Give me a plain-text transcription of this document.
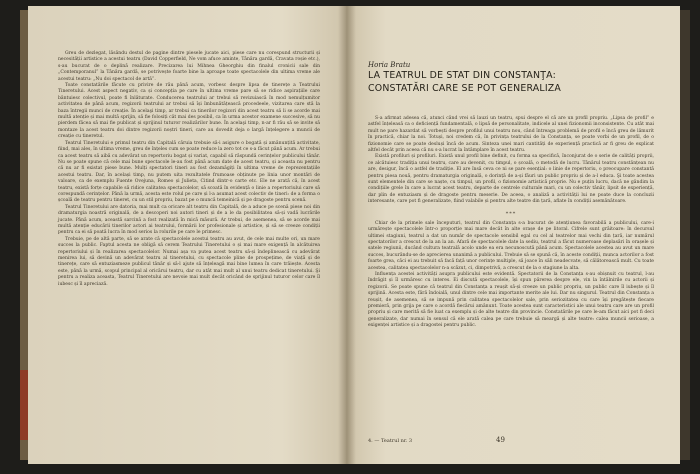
Greu de dezlegat, lăsându destul de pagine dintre piesele jucate aici, piese care nu corespund structurii și necesității artistice a acestui teatru (David Copperfield, Ne vom afuce aminte, Tânăra gardă, Cravata roșie etc.), s-au bucurat de o deplină realizare. Precizarea lui Mihnea Gheorghiu din finalul cronicii sale din „Contemporanul” la Tânăra gardă, se potrivește foarte bine la aproape toate spectacolele din ultima vreme ale acestui teatru: „Nu doi spectacol de artă”.

Toate constatările făcute cu privire de rău până acum, vorbesc despre lipsa de tinerețe a Teatrului Tineretului. Acest aspect negativ, ca și concepția pe care în ultima vreme pare să se ridice aspirațiile care bântuiesc colectivul, poate fi înlăturate. Conducerea teatrului ar trebui să revizuiască în mod nemulțumitor activitatea de până acum, regizorii teatrului ar trebui să își îmbunătățească procedeele, vizitarea care stă la baza întregii munci de creație. În acelaşi timp, ar trebui ca tinerilor regizori din acest teatru să li se acorde mai multă atenție și mai multă sprijin, să fie folosiți cât mai des posibil, ca în urma acestor examene succesive, să nu pierdem făcea să mai fie publicat și sprijinul tuturor realizărilor bune. În acelaşi timp, n-ar fi rău să se invite să montaze la acest teatru doi dintre regizorii noștri tineri, care au dovedit deja o largă înțelegere a muncii de creație cu tineretul.

Teatrul Tineretului e primul teatru din Capitală căruia trebuie să-i asigure o bogată și amănunțită activitate, fiind, mai ales, în ultima vreme, greu de înțeles cum se poate reduce la zero tot ce s-a făcut până acum. Ar trebui ca acest teatru să aibă cu adevărat un repertoriu bogat și variat, capabil să răspundă cerințelor publicului tânăr. Nu se poate spune că cele mai bune spectacole le-au fost până acum date de acest teatru, și aceasta nu pentru că nu ar fi existat piese bune. Mulți spectatori tineri au fost dezamăgiți în ultima vreme de reprezentațiile acestui teatru. Dar, în același timp, nu putem uita rezultatele frumoase obținute pe linia unor montări de valoare, ca de exemplu Fuente Ovejuna, Romeo și Julieta, Citind dintr-o carte etc. Ele ne arată că, în acest teatru, există forțe capabile să ridice calitatea spectacolelor, să scoată în evidență o linie a repertoriului care să corespundă cerințelor. Până la urmă, acesta este rolul pe care și l-a asumat acest colectiv de tineri: de a forma o școală de teatru pentru tineret, cu un stil propriu, bazat pe o muncă temeinică și pe dragoste pentru scenă.

Teatrul Tineretului are datoria, mai mult ca oricare alt teatru din Capitală, de a aduce pe scenă piese noi din dramaturgia noastră originală, de a descoperi noi autori tineri și de a le da posibilitatea să-și vadă lucrările jucate. Până acum, această sarcină a fost realizată în mică măsură. Ar trebui, de asemenea, să se acorde mai multă atenție educării tinerilor actori ai teatrului, formării lor profesionale și artistice, și să se creeze condiții pentru ca ei să poată lucra în mod serios la rolurile pe care le primesc.

Trebuie, pe de altă parte, să se arate că spectacolele acestui teatru au avut, de cele mai multe ori, un mare succes la public. Faptul acesta ne obligă să cerem Teatrului Tineretului o și mai mare exigență în alcătuirea repertoriului și în realizarea spectacolelor. Numai așa va putea acest teatru să-și îndeplinească cu adevărat menirea lui, să devină un adevărat teatru al tineretului, cu spectacole pline de prospețime, de viață și de tinerețe, care să entuziasmeze publicul tânăr și să-l ajute să înțeleagă mai bine lumea în care trăiește. Acesta este, până la urmă, scopul principal al oricărui teatru, dar cu atât mai mult al unui teatru dedicat tineretului. Şi pentru a realiza aceasta, Teatrul Tineretului are nevoie mai mult decât oricând de sprijinul tuturor celor care îl iubesc și îl apreciază.

Horia Bratu
LA TEATRUL DE STAT DIN CONSTANŢA:
CONSTATĂRI CARE SE POT GENERALIZA

S-a afirmat adesea că, atunci când vrei să lauzi un teatru, spui despre el că are un profil propriu. „Lipsa de profil” e astfel înțeleasă ca o deficiență fundamentală, o lipsă de personalitate, indicele al unei fizionomii inconsistente. Cu atât mai mult ne pare hazardat să vorbești despre profilul unui teatru nou, când întreaga problemă de profil e încă greu de lămurit în practică, chiar la noi. Totuși, noi credem că, în privința teatrului de la Constanța, se poate vorbi de un profil, de o fizionomie care se poate desluși încă de acum. Sinteza unei mari cantități de experiență practică ar fi greu de explicat altfel decât prin aceea că nu s-a lucrat la întâmplare în acest teatru.

Există profiluri și profiluri. Există unul profil bine definit, cu forma sa specifică, înconjurat de o serie de calități proprii, ce alcătuiesc tradiția unui teatru, care au devenit, cu timpul, o școală, o metodă de lucru. Tânărul teatru constănțean nu are, desigur, încă o astfel de tradiție. El are însă ceva ce ni se pare esențial: o linie de repertoriu, o preocupare constantă pentru piesa nouă, pentru dramaturgia originală, o dorință de a-și făuri un public propriu și de a-l educa. Şi toate acestea sunt elementele din care se naște, cu timpul, un profil, o fizionomie artistică proprie. Nu e puțin lucru, dacă ne gândim la condițiile grele în care a lucrat acest teatru, departe de centrele culturale mari, cu un colectiv tânăr, lipsit de experiență, dar plin de entuziasm și de dragoste pentru meserie. De aceea, o analiză a activității lui ne poate duce la concluzii interesante, care pot fi generalizate, fiind valabile și pentru alte teatre din țară, aflate în condiții asemănătoare.

***

Chiar de la primele sale începuturi, teatrul din Constanța s-a bucurat de atențiunea favorabilă a publicului, care-i urmărește spectacolele într-o proporție mai mare decât în alte orașe de pe litoral. Cifrele sunt grăitoare: în decursul ultimei stagiuni, teatrul a dat un număr de spectacole sensibil egal cu cel al teatrelor mai vechi din țară, iar numărul spectatorilor a crescut de la an la an. Afară de spectacolele date la sediu, teatrul a făcut numeroase deplasări în orașele și satele regiunii, ducând cultura teatrală acolo unde ea era necunoscută până acum. Spectacolele acestea au avut un mare succes, bucurându-se de aprecierea unanimă a publicului. Trebuie să se spună că, în aceste condiții, munca actorilor a fost foarte grea, căci ei au trebuit să facă față unor cerințe multiple, să joace în săli neadecvate, să călătorească mult. Cu toate acestea, calitatea spectacolelor n-a scăzut, ci, dimpotrivă, a crescut de la o stagiune la alta.

Influența acestei activități asupra publicului este evidentă. Spectatorii de la Constanța s-au obișnuit cu teatrul, l-au îndrăgit și îl urmăresc cu interes. Ei discută spectacolele, își spun părerea despre ele, vin la întâlnirile cu actorii și regizorii. Se poate spune că teatrul din Constanța a reușit să-și creeze un public propriu, un public care îl iubește și îl sprijină. Acesta este, fără îndoială, unul dintre cele mai importante merite ale lui. Dar nu singurul. Teatrul din Constanța a reușit, de asemenea, să se impună prin calitatea spectacolelor sale, prin seriozitatea cu care își pregătește fiecare premieră, prin grija pe care o acordă fiecărui amănunt. Toate acestea sunt caracteristici ale unui teatru care are un profil propriu și care merită să fie luat ca exemplu și de alte teatre din provincie. Constatările pe care le-am făcut aici pot fi deci generalizate, dar numai în sensul că ele arată calea pe care trebuie să meargă și alte teatre: calea muncii serioase, a exigenței artistice și a dragostei pentru public.

4. — Teatrul nr. 3	49
